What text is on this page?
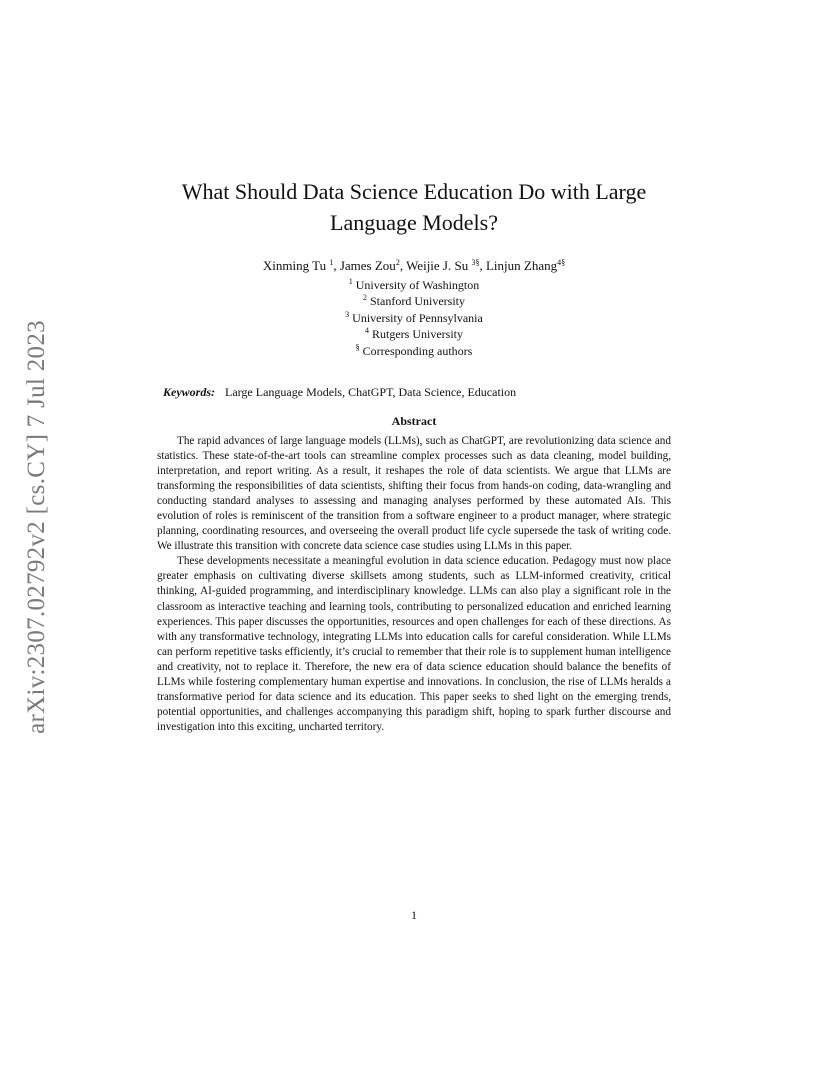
arXiv:2307.02792v2 [cs.CY] 7 Jul 2023
What Should Data Science Education Do with Large
Language Models?
Xinming Tu $^1$, James Zou$^2$, Weijie J. Su $^{3\S}$, Linjun Zhang$^{4\S}$
$^1$ University of Washington
$^2$ Stanford University
$^3$ University of Pennsylvania
$^4$ Rutgers University
§ Corresponding authors
Keywords: Large Language Models, ChatGPT, Data Science, Education
Abstract

The rapid advances of large language models (LLMs), such as ChatGPT, are revolutionizing data science and statistics. These state-of-the-art tools can streamline complex processes such as data cleaning, model building, interpretation, and report writing. As a result, it reshapes the role of data scientists. We argue that LLMs are transforming the responsibilities of data scientists, shifting their focus from hands-on coding, data-wrangling and conducting standard analyses to assessing and managing analyses performed by these automated AIs. This evolution of roles is reminiscent of the transition from a software engineer to a product manager, where strategic planning, coordinating resources, and overseeing the overall product life cycle supersede the task of writing code. We illustrate this transition with concrete data science case studies using LLMs in this paper.

These developments necessitate a meaningful evolution in data science education. Pedagogy must now place greater emphasis on cultivating diverse skillsets among students, such as LLM-informed creativity, critical thinking, AI-guided programming, and interdisciplinary knowledge. LLMs can also play a significant role in the classroom as interactive teaching and learning tools, contributing to personalized education and enriched learning experiences. This paper discusses the opportunities, resources and open challenges for each of these directions. As with any transformative technology, integrating LLMs into education calls for careful consideration. While LLMs can perform repetitive tasks efficiently, it’s crucial to remember that their role is to supplement human intelligence and creativity, not to replace it. Therefore, the new era of data science education should balance the benefits of LLMs while fostering complementary human expertise and innovations. In conclusion, the rise of LLMs heralds a transformative period for data science and its education. This paper seeks to shed light on the emerging trends, potential opportunities, and challenges accompanying this paradigm shift, hoping to spark further discourse and investigation into this exciting, uncharted territory.

1
